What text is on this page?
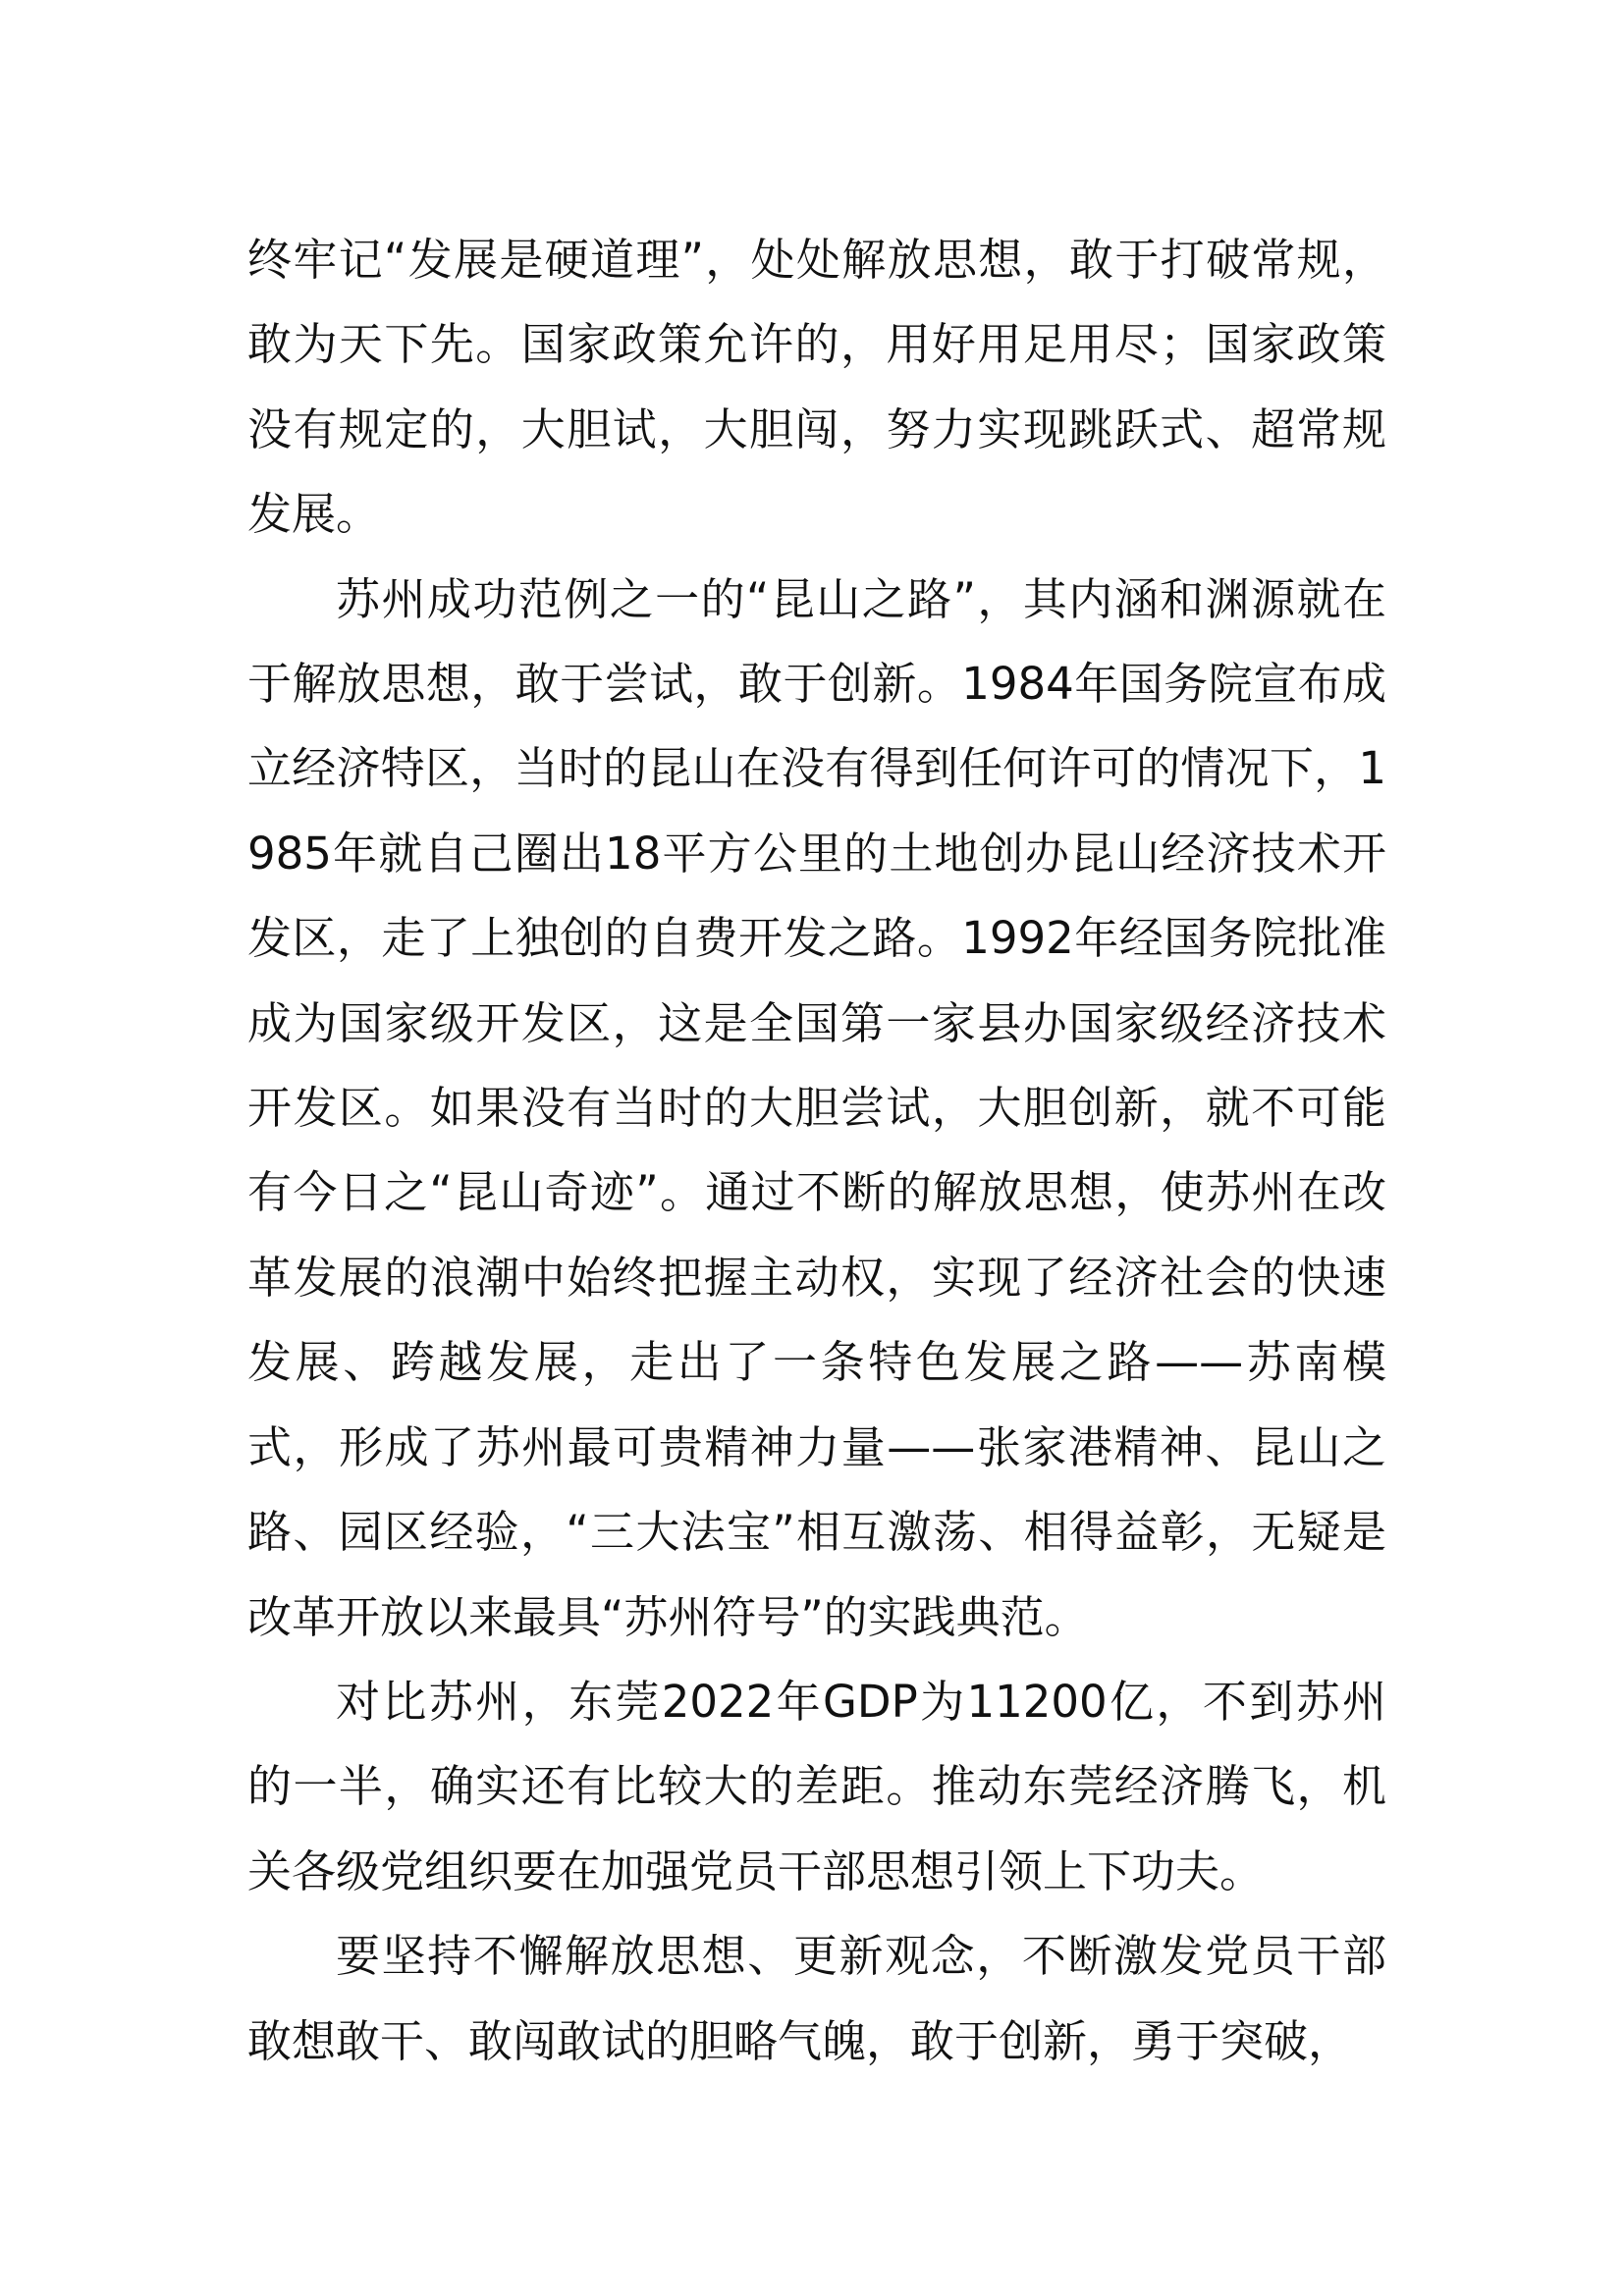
终牢记“发展是硬道理”，处处解放思想，敢于打破常规，敢为天下先。国家政策允许的，用好用足用尽；国家政策没有规定的，大胆试，大胆闯，努力实现跳跃式、超常规发展。

苏州成功范例之一的“昆山之路”，其内涵和渊源就在于解放思想，敢于尝试，敢于创新。1984年国务院宣布成立经济特区，当时的昆山在没有得到任何许可的情况下，1985年就自己圈出18平方公里的土地创办昆山经济技术开发区，走了上独创的自费开发之路。1992年经国务院批准成为国家级开发区，这是全国第一家县办国家级经济技术开发区。如果没有当时的大胆尝试，大胆创新，就不可能有今日之“昆山奇迹”。通过不断的解放思想，使苏州在改革发展的浪潮中始终把握主动权，实现了经济社会的快速发展、跨越发展，走出了一条特色发展之路——苏南模式，形成了苏州最可贵精神力量——张家港精神、昆山之路、园区经验，“三大法宝”相互激荡、相得益彰，无疑是改革开放以来最具“苏州符号”的实践典范。

对比苏州，东莞2022年GDP为11200亿，不到苏州的一半，确实还有比较大的差距。推动东莞经济腾飞，机关各级党组织要在加强党员干部思想引领上下功夫。

要坚持不懈解放思想、更新观念，不断激发党员干部敢想敢干、敢闯敢试的胆略气魄，敢于创新，勇于突破，
